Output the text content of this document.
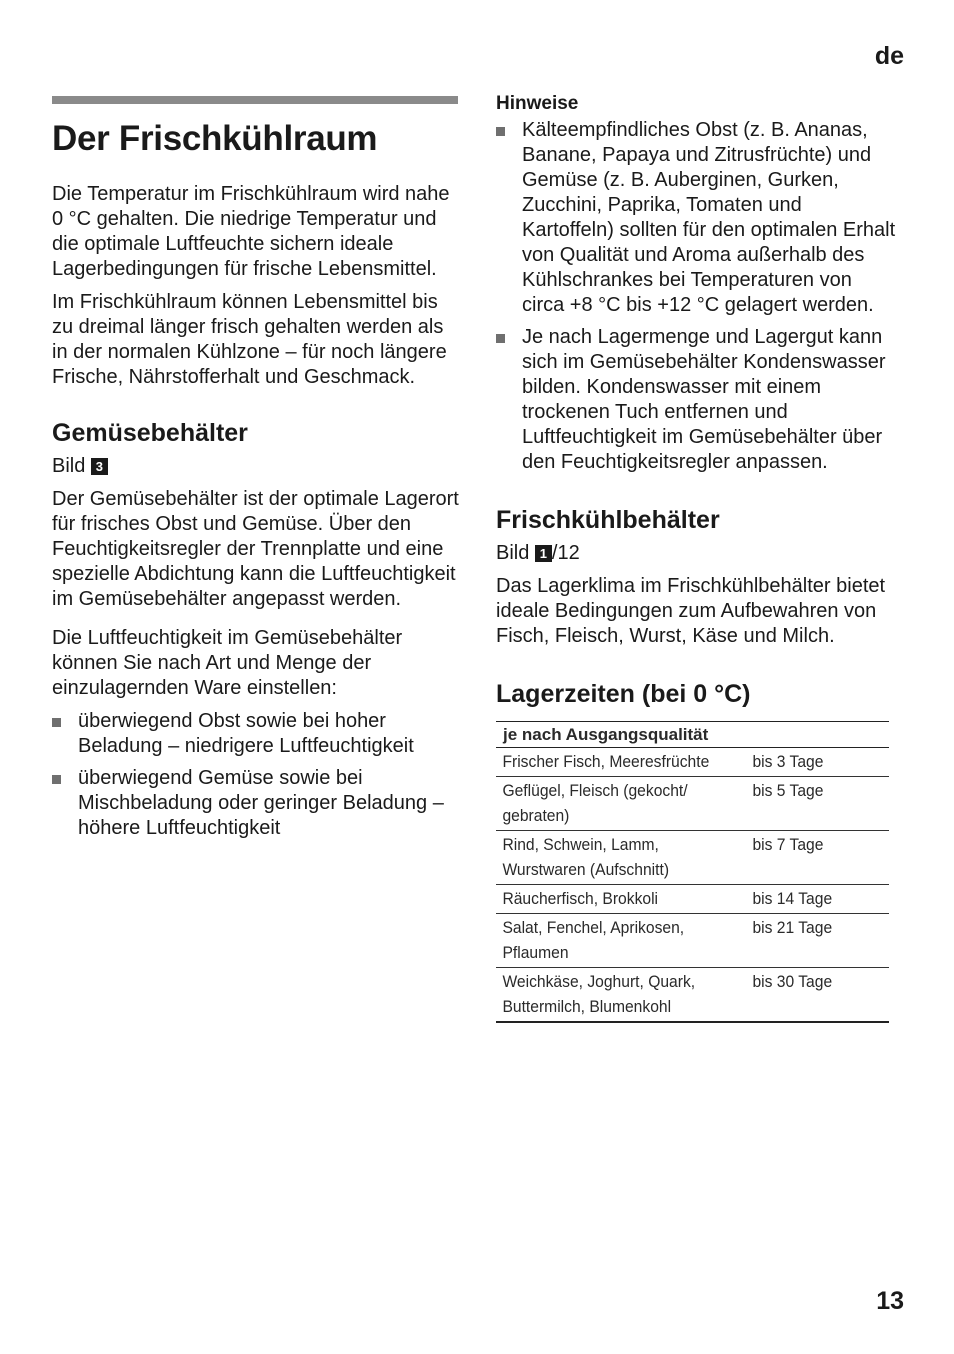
de
Der Frischkühlraum

Die Temperatur im Frischkühlraum wird nahe 0 °C gehalten. Die niedrige Temperatur und die optimale Luftfeuchte sichern ideale Lagerbedingungen für frische Lebensmittel.

Im Frischkühlraum können Lebensmittel bis zu dreimal länger frisch gehalten werden als in der normalen Kühlzone – für noch längere Frische, Nährstofferhalt und Geschmack.

Gemüsebehälter
Bild 3

Der Gemüsebehälter ist der optimale Lagerort für frisches Obst und Gemüse. Über den Feuchtigkeitsregler der Trennplatte und eine spezielle Abdichtung kann die Luftfeuchtigkeit im Gemüsebehälter angepasst werden.

Die Luftfeuchtigkeit im Gemüsebehälter können Sie nach Art und Menge der einzulagernden Ware einstellen:

überwiegend Obst sowie bei hoher Beladung – niedrigere Luftfeuchtigkeit
überwiegend Gemüse sowie bei Mischbeladung oder geringer Beladung – höhere Luftfeuchtigkeit
Hinweise
Kälteempfindliches Obst (z. B. Ananas, Banane, Papaya und Zitrusfrüchte) und Gemüse (z. B. Auberginen, Gurken, Zucchini, Paprika, Tomaten und Kartoffeln) sollten für den optimalen Erhalt von Qualität und Aroma außerhalb des Kühlschrankes bei Temperaturen von circa +8 °C bis +12 °C gelagert werden.
Je nach Lagermenge und Lagergut kann sich im Gemüsebehälter Kondenswasser bilden. Kondenswasser mit einem trockenen Tuch entfernen und Luftfeuchtigkeit im Gemüsebehälter über den Feuchtigkeitsregler anpassen.
Frischkühlbehälter
Bild 1 /12

Das Lagerklima im Frischkühlbehälter bietet ideale Bedingungen zum Aufbewahren von Fisch, Fleisch, Wurst, Käse und Milch.

Lagerzeiten (bei 0 °C)
je nach Ausgangsqualität	
Frischer Fisch, Meeresfrüchte	bis 3 Tage
Geflügel, Fleisch (gekocht/ gebraten)	bis 5 Tage
Rind, Schwein, Lamm, Wurstwaren (Aufschnitt)	bis 7 Tage
Räucherfisch, Brokkoli	bis 14 Tage
Salat, Fenchel, Aprikosen, Pflaumen	bis 21 Tage
Weichkäse, Joghurt, Quark, Buttermilch, Blumenkohl	bis 30 Tage
13
